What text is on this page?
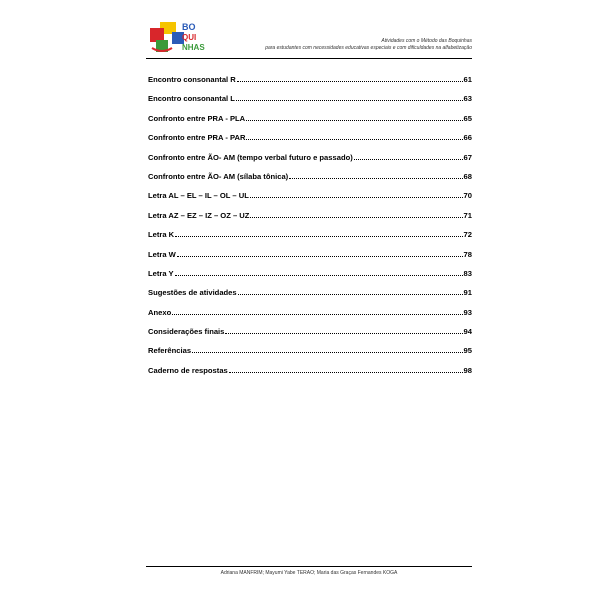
BO
QUI
NHAS
Atividades com o Método das Boquinhas
para estudantes com necessidades educativas especiais e com dificuldades na alfabetização
Encontro consonantal R	61
Encontro consonantal L	63
Confronto entre PRA - PLA	65
Confronto entre PRA - PAR	66
Confronto entre ÃO- AM (tempo verbal futuro e passado)	67
Confronto entre ÃO- AM (sílaba tônica)	68
Letra AL – EL – IL – OL – UL	70
Letra AZ – EZ – IZ – OZ – UZ	71
Letra K	72
Letra W	78
Letra Y	83
Sugestões de atividades	91
Anexo	93
Considerações finais	94
Referências	95
Caderno de respostas	98
Adriana MANFRIM; Mayumi Yabe TERAO; Maria das Graças Fernandes KOGA
